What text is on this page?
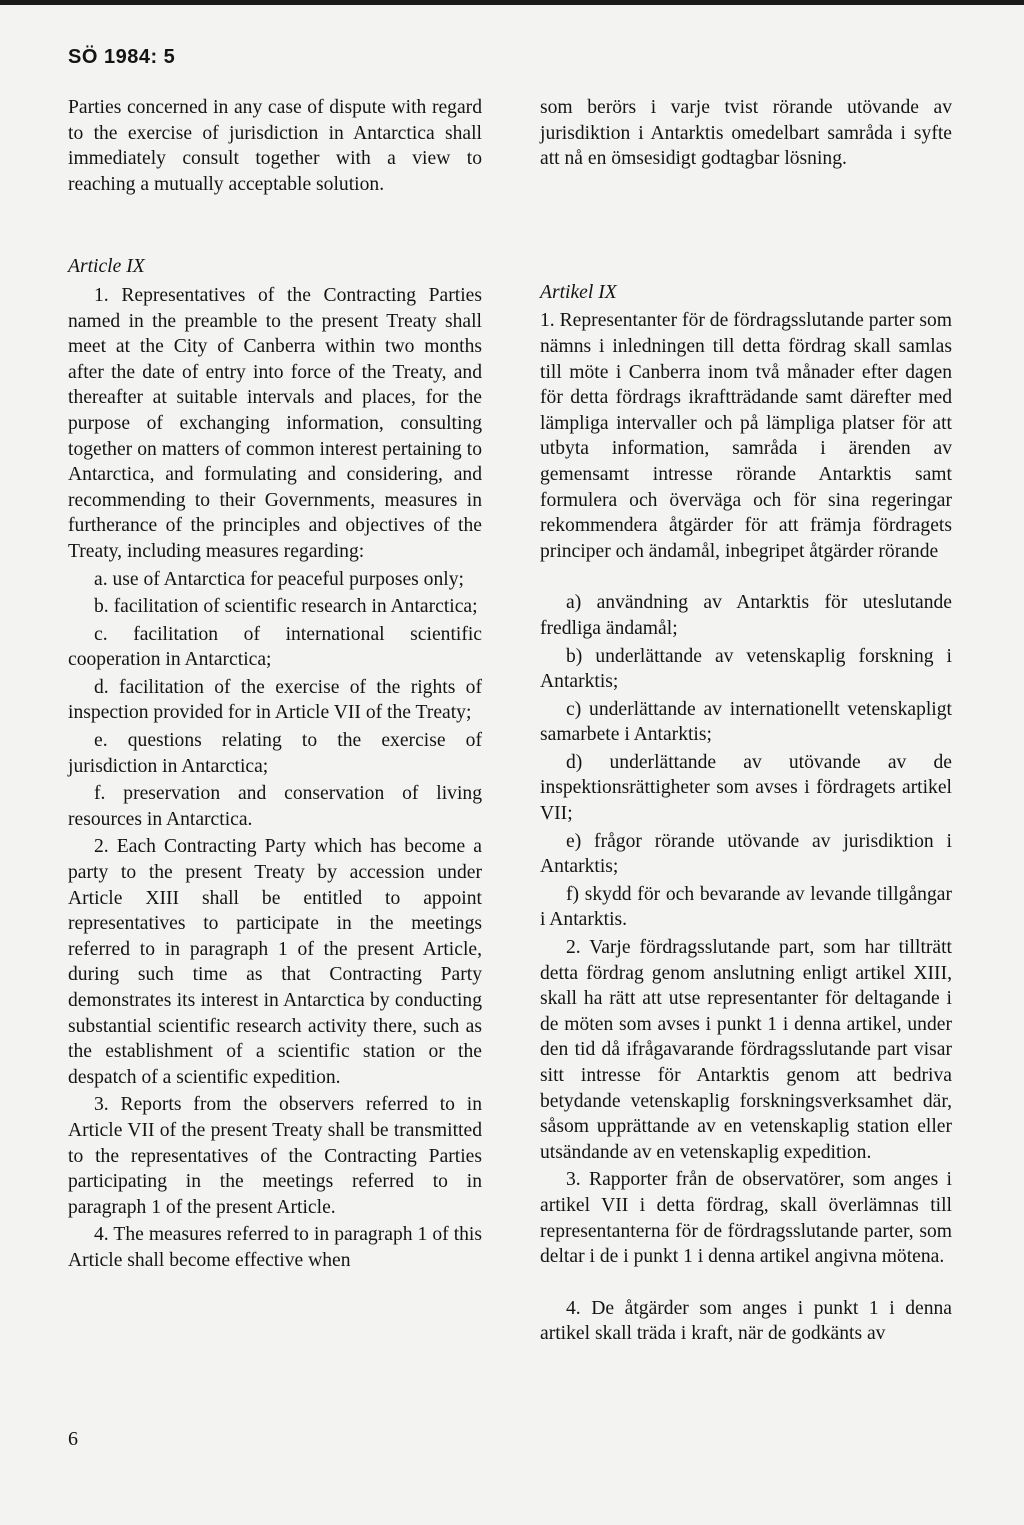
SÖ 1984: 5

Parties concerned in any case of dispute with regard to the exercise of jurisdiction in Antarctica shall immediately consult together with a view to reaching a mutually acceptable solution.

Article IX

1. Representatives of the Contracting Parties named in the preamble to the present Treaty shall meet at the City of Canberra within two months after the date of entry into force of the Treaty, and thereafter at suitable intervals and places, for the purpose of exchanging information, consulting together on matters of common interest pertaining to Antarctica, and formulating and considering, and recommending to their Governments, measures in furtherance of the principles and objectives of the Treaty, including measures regarding:

a. use of Antarctica for peaceful purposes only;

b. facilitation of scientific research in Antarctica;

c. facilitation of international scientific cooperation in Antarctica;

d. facilitation of the exercise of the rights of inspection provided for in Article VII of the Treaty;

e. questions relating to the exercise of jurisdiction in Antarctica;

f. preservation and conservation of living resources in Antarctica.

2. Each Contracting Party which has become a party to the present Treaty by accession under Article XIII shall be entitled to appoint representatives to participate in the meetings referred to in paragraph 1 of the present Article, during such time as that Contracting Party demonstrates its interest in Antarctica by conducting substantial scientific research activity there, such as the establishment of a scientific station or the despatch of a scientific expedition.

3. Reports from the observers referred to in Article VII of the present Treaty shall be transmitted to the representatives of the Contracting Parties participating in the meetings referred to in paragraph 1 of the present Article.

4. The measures referred to in paragraph 1 of this Article shall become effective when

som berörs i varje tvist rörande utövande av jurisdiktion i Antarktis omedelbart samråda i syfte att nå en ömsesidigt godtagbar lösning.

Artikel IX

1. Representanter för de fördragsslutande parter som nämns i inledningen till detta fördrag skall samlas till möte i Canberra inom två månader efter dagen för detta fördrags ikraftträdande samt därefter med lämpliga intervaller och på lämpliga platser för att utbyta information, samråda i ärenden av gemensamt intresse rörande Antarktis samt formulera och överväga och för sina regeringar rekommendera åtgärder för att främja fördragets principer och ändamål, inbegripet åtgärder rörande

a) användning av Antarktis för uteslutande fredliga ändamål;

b) underlättande av vetenskaplig forskning i Antarktis;

c) underlättande av internationellt vetenskapligt samarbete i Antarktis;

d) underlättande av utövande av de inspektionsrättigheter som avses i fördragets artikel VII;

e) frågor rörande utövande av jurisdiktion i Antarktis;

f) skydd för och bevarande av levande tillgångar i Antarktis.

2. Varje fördragsslutande part, som har tillträtt detta fördrag genom anslutning enligt artikel XIII, skall ha rätt att utse representanter för deltagande i de möten som avses i punkt 1 i denna artikel, under den tid då ifrågavarande fördragsslutande part visar sitt intresse för Antarktis genom att bedriva betydande vetenskaplig forskningsverksamhet där, såsom upprättande av en vetenskaplig station eller utsändande av en vetenskaplig expedition.

3. Rapporter från de observatörer, som anges i artikel VII i detta fördrag, skall överlämnas till representanterna för de fördragsslutande parter, som deltar i de i punkt 1 i denna artikel angivna mötena.

4. De åtgärder som anges i punkt 1 i denna artikel skall träda i kraft, när de godkänts av

6
